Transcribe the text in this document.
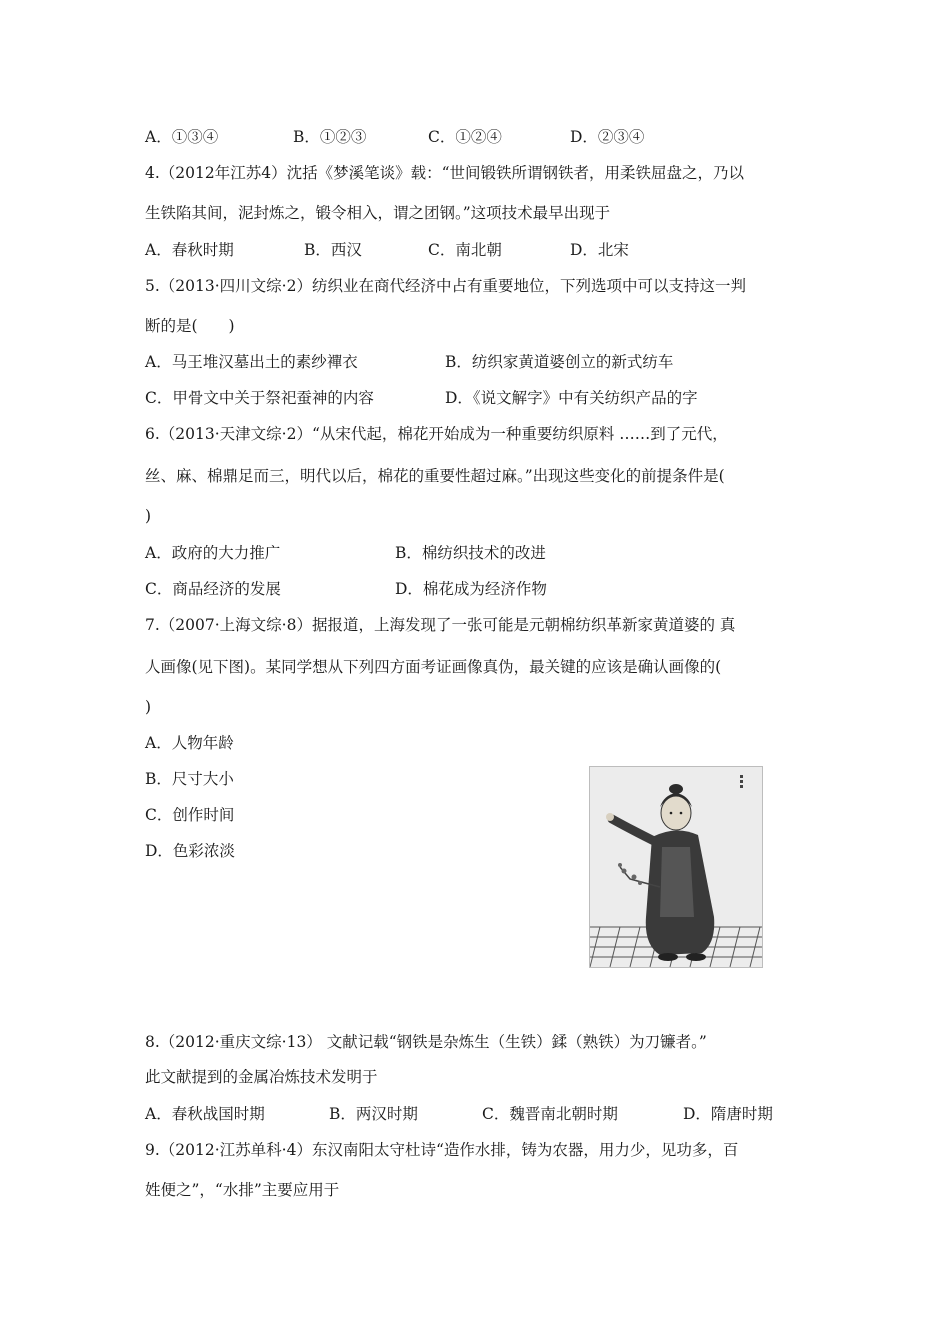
A．①③④	B．①②③	C．①②④	D．②③④
4.（2012年江苏4）沈括《梦溪笔谈》载：“世间锻铁所谓钢铁者，用柔铁屈盘之，乃以
生铁陷其间，泥封炼之，锻令相入，谓之团钢。”这项技术最早出现于
A．春秋时期	B．西汉	C．南北朝	D．北宋
5.（2013·四川文综·2）纺织业在商代经济中占有重要地位，下列选项中可以支持这一判
断的是(　　)
A．马王堆汉墓出土的素纱襌衣	B．纺织家黄道婆创立的新式纺车
C．甲骨文中关于祭祀蚕神的内容	D．《说文解字》中有关纺织产品的字
6.（2013·天津文综·2）“从宋代起，棉花开始成为一种重要纺织原料 ……到了元代，
丝、麻、棉鼎足而三，明代以后，棉花的重要性超过麻。”出现这些变化的前提条件是(
)
A．政府的大力推广	B．棉纺织技术的改进
C．商品经济的发展	D．棉花成为经济作物
7.（2007·上海文综·8）据报道，上海发现了一张可能是元朝棉纺织革新家黄道婆的 真
人画像(见下图)。某同学想从下列四方面考证画像真伪，最关键的应该是确认画像的(
)
A．人物年龄
B．尺寸大小
C．创作时间
D．色彩浓淡
8.（2012·重庆文综·13） 文献记载“钢铁是杂炼生（生铁）鍒（熟铁）为刀镰者。”
此文献提到的金属冶炼技术发明于
A．春秋战国时期	B．两汉时期	C．魏晋南北朝时期	D．隋唐时期
9.（2012·江苏单科·4）东汉南阳太守杜诗“造作水排，铸为农器，用力少，见功多，百
姓便之”，“水排”主要应用于
